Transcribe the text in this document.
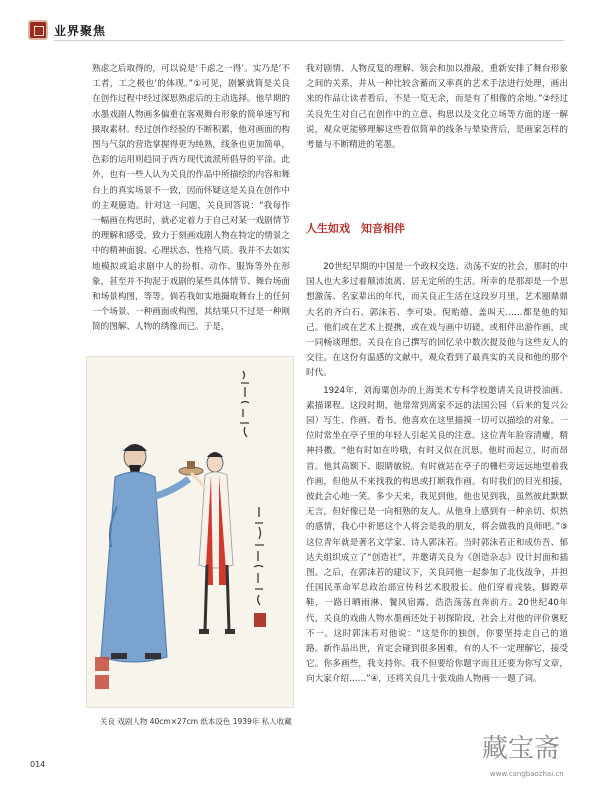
业界聚焦

熟虑之后取得的，可以说是‘千虑之一得’。实乃是‘不工者，工之极也’的体现。”①可见，剧繁就简是关良在创作过程中经过深思熟虑后的主动选择。他早期的水墨戏剧人物画多偏重在客观舞台形象的简单速写和摄取素材。经过创作经验的不断积累，他对画面的构图与气氛的营造掌握得更为纯熟，线条也更加简单，色彩的运用则趋同于西方现代流派所倡导的平涂。此外，也有一些人认为关良的作品中所描绘的内容和舞台上的真实场景不一致，因而怀疑这是关良在创作中的主观臆造。针对这一问题，关良回答说：“我每作一幅画在构思时，就必定着力于自己对某一戏剧情节的理解和感受，致力于刻画戏剧人物在特定的情景之中的精神面貌、心理状态、性格气质。我并不去如实地模拟或追求剧中人的扮相、动作、服饰等外在形象，甚至并不拘泥于戏剧的某些具体情节、舞台场面和场景构图，等等。倘若我如实地撮取舞台上的任何一个场景、一种画面或构图，其结果只不过是一种刚简的图解、人物的绣像而已。于是，

我对剧情、人物反复的理解、领会和加以推敲，重新安排了舞台形象之间的关系，并从一种比较含蓄而又率真的艺术手法进行处理，画出来的作品让读者看后，不是一览无余，而是有了相像的余地。”②经过关良先生对自己在创作中的立意、构思以及文化立场等方面的逐一解说，观众更能够理解这些看似简单的线条与晕染背后，是画家怎样的考量与不断精进的笔墨。

人生如戏　知音相伴

20世纪早期的中国是一个政权交迭、动荡不安的社会，那时的中国人也大多过着颠沛流离、居无定所的生活。所幸的是那却是一个思想激荡、名家辈出的年代，而关良正生活在这段岁月里，艺术圈鼎鼎大名的齐白石、郭沫若、李可染、倪贻德、盖叫天……都是他的知己。他们或在艺术上提携，或在戏与画中切磋，或相伴出游作画，或一同畅谈理想。关良在自己撰写的回忆录中数次提及他与这些友人的交往。在这份有温感的文献中，观众看到了最真实的关良和他的那个时代。

1924年，刘海粟创办的上海美术专科学校邀请关良讲授油画、素描课程。这段时期，他常常到离家不远的法国公园（后来的复兴公园）写生、作画、看书。他喜欢在这里描摸一切可以描绘的对象。一位时常坐在亭子里的年轻人引起关良的注意。这位青年脸容清癯，精神抖擞。“他有时如在吟哦，有时又似在沉思。他时而起立，时而昂首。他其高额下、眼睛敏锐。有时就站在亭子的栅栏旁远远地望着我作画，但他从不来找我的构思或打断我作画。有时我们的目光相接，彼此会心地一笑。多少天来，我见到他，他也见到我，虽然彼此默默无言，但好像已是一向相熟的友人。从他身上感到有一种亲切、炽热的感情，我心中祈愿这个人将会是我的朋友，将会做我的良师吧。”③这位青年就是著名文学家、诗人郭沫若。当时郭沫若正和成仿吾、郁达夫组织成立了“创造社”，并邀请关良为《创造杂志》设计封面和插图。之后，在郭沫若的建议下，关良同他一起参加了北伐战争，并担任国民革命军总政治部宣传科艺术股股长。他们穿着戎装，脚蹬草鞋，一路日晒雨淋、餐风宿露，浩浩荡荡直奔前方。20世纪40年代，关良的戏曲人物水墨画还处于初探阶段，社会上对他的评价褒贬不一。这时郭沫若对他说：“这是你的独创，你要坚持走自己的道路。新作品出世，肯定会碰到很多困难，有的人不一定理解它，接受它。你多画些，我支持你。我不但要给你题字而且还要为你写文章，向大家介绍……”④，还将关良几十张戏曲人物画一一题了词。

关良 戏剧人物 40cm×27cm 纸本设色 1939年 私人收藏
014
藏宝斋
www.cangbaozhai.cn
